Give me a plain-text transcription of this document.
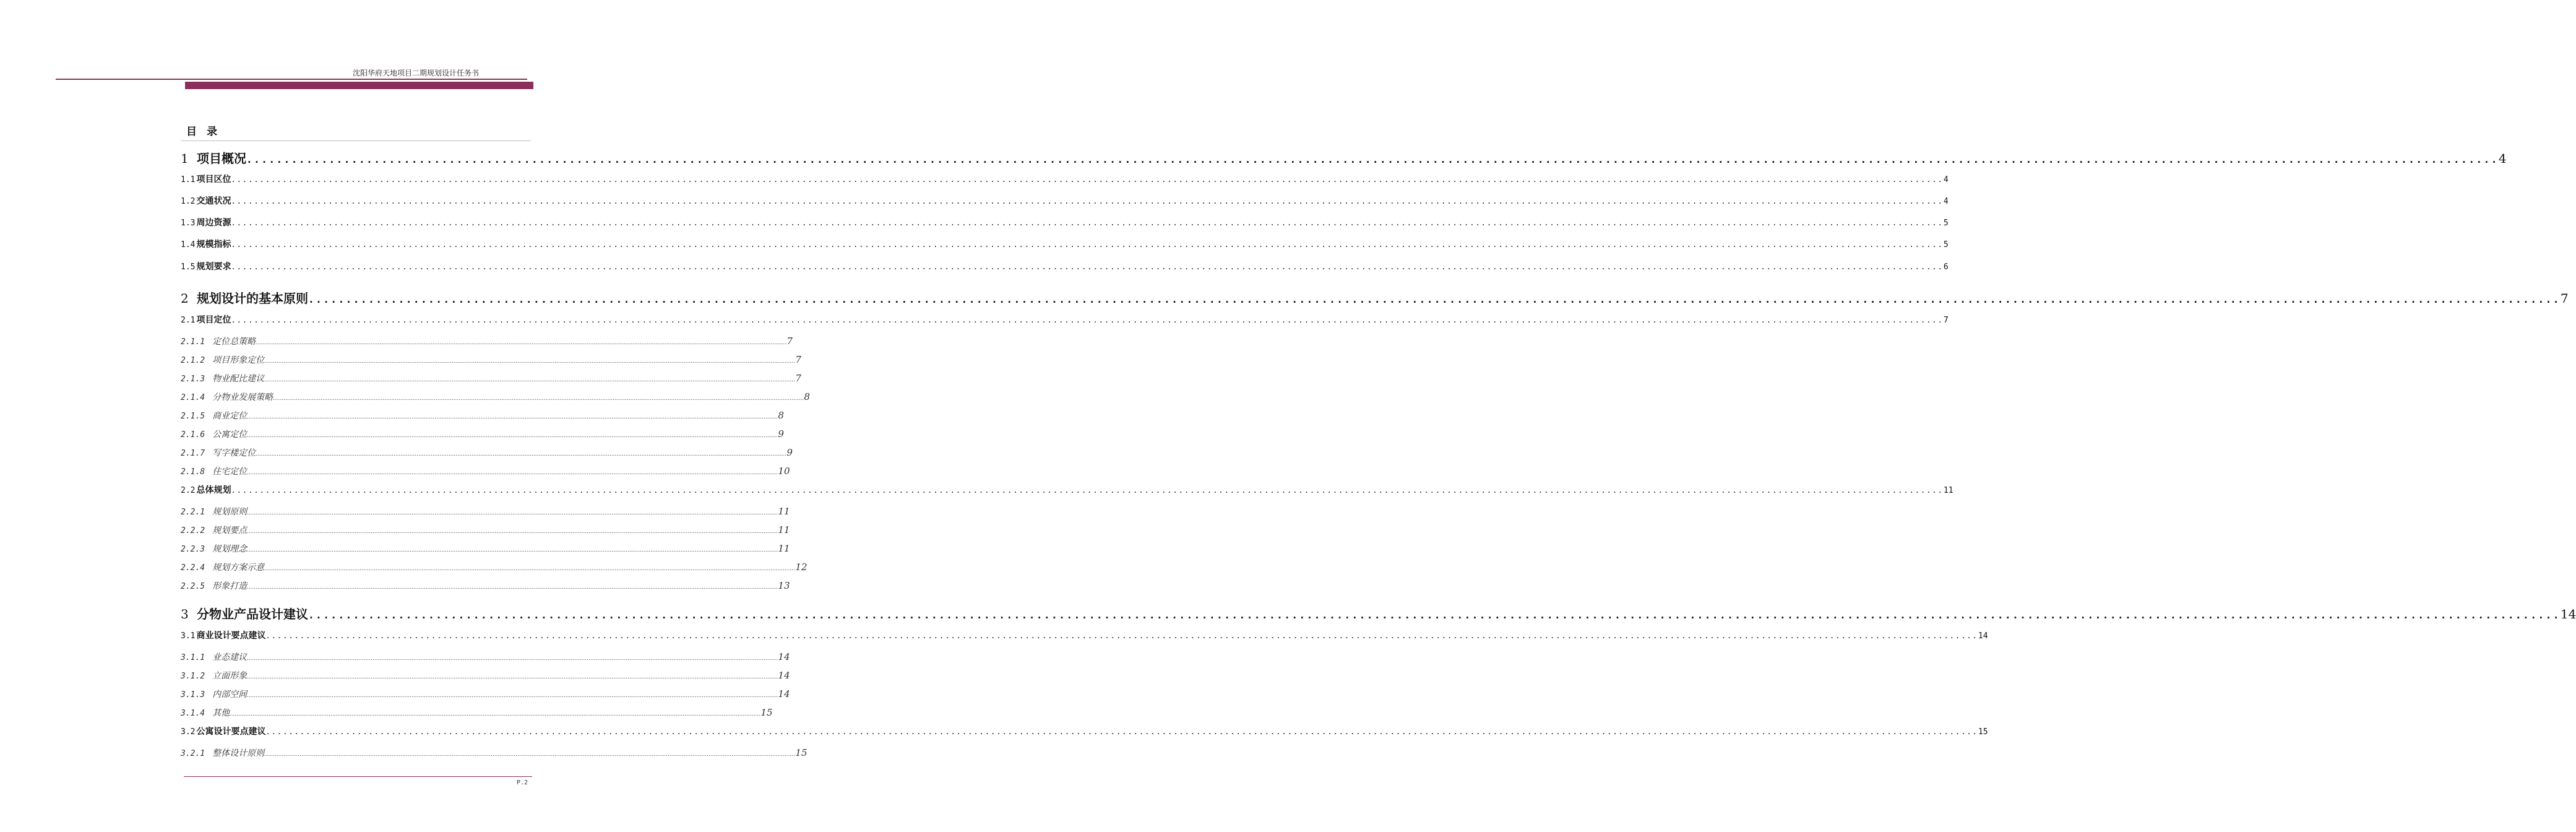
沈阳华府天地项目二期规划设计任务书
目录
1 项目概况 ............................................................................................................................................................................................................................................................................................................ 4
1.1 项目区位 ............................................................................................................................................................................................................................................................................................................ 4
1.2 交通状况 ............................................................................................................................................................................................................................................................................................................ 4
1.3 周边资源 ............................................................................................................................................................................................................................................................................................................ 5
1.4 规模指标 ............................................................................................................................................................................................................................................................................................................ 5
1.5 规划要求 ............................................................................................................................................................................................................................................................................................................ 6
2 规划设计的基本原则 ............................................................................................................................................................................................................................................................................................................ 7
2.1 项目定位 ............................................................................................................................................................................................................................................................................................................ 7
2.1.1 定位总策略 ............................................................................................................................................................................................................................................................................................................ 7
2.1.2 项目形象定位 ............................................................................................................................................................................................................................................................................................................ 7
2.1.3 物业配比建议 ............................................................................................................................................................................................................................................................................................................ 7
2.1.4 分物业发展策略 ............................................................................................................................................................................................................................................................................................................ 8
2.1.5 商业定位 ............................................................................................................................................................................................................................................................................................................ 8
2.1.6 公寓定位 ............................................................................................................................................................................................................................................................................................................ 9
2.1.7 写字楼定位 ............................................................................................................................................................................................................................................................................................................ 9
2.1.8 住宅定位 ............................................................................................................................................................................................................................................................................................................ 10
2.2 总体规划 ............................................................................................................................................................................................................................................................................................................ 11
2.2.1 规划原则 ............................................................................................................................................................................................................................................................................................................ 11
2.2.2 规划要点 ............................................................................................................................................................................................................................................................................................................ 11
2.2.3 规划理念 ............................................................................................................................................................................................................................................................................................................ 11
2.2.4 规划方案示意 ............................................................................................................................................................................................................................................................................................................ 12
2.2.5 形象打造 ............................................................................................................................................................................................................................................................................................................ 13
3 分物业产品设计建议 ............................................................................................................................................................................................................................................................................................................ 14
3.1 商业设计要点建议 ............................................................................................................................................................................................................................................................................................................ 14
3.1.1 业态建议 ............................................................................................................................................................................................................................................................................................................ 14
3.1.2 立面形象 ............................................................................................................................................................................................................................................................................................................ 14
3.1.3 内部空间 ............................................................................................................................................................................................................................................................................................................ 14
3.1.4 其他 ............................................................................................................................................................................................................................................................................................................ 15
3.2 公寓设计要点建议 ............................................................................................................................................................................................................................................................................................................ 15
3.2.1 整体设计原则 ............................................................................................................................................................................................................................................................................................................ 15
P.2
